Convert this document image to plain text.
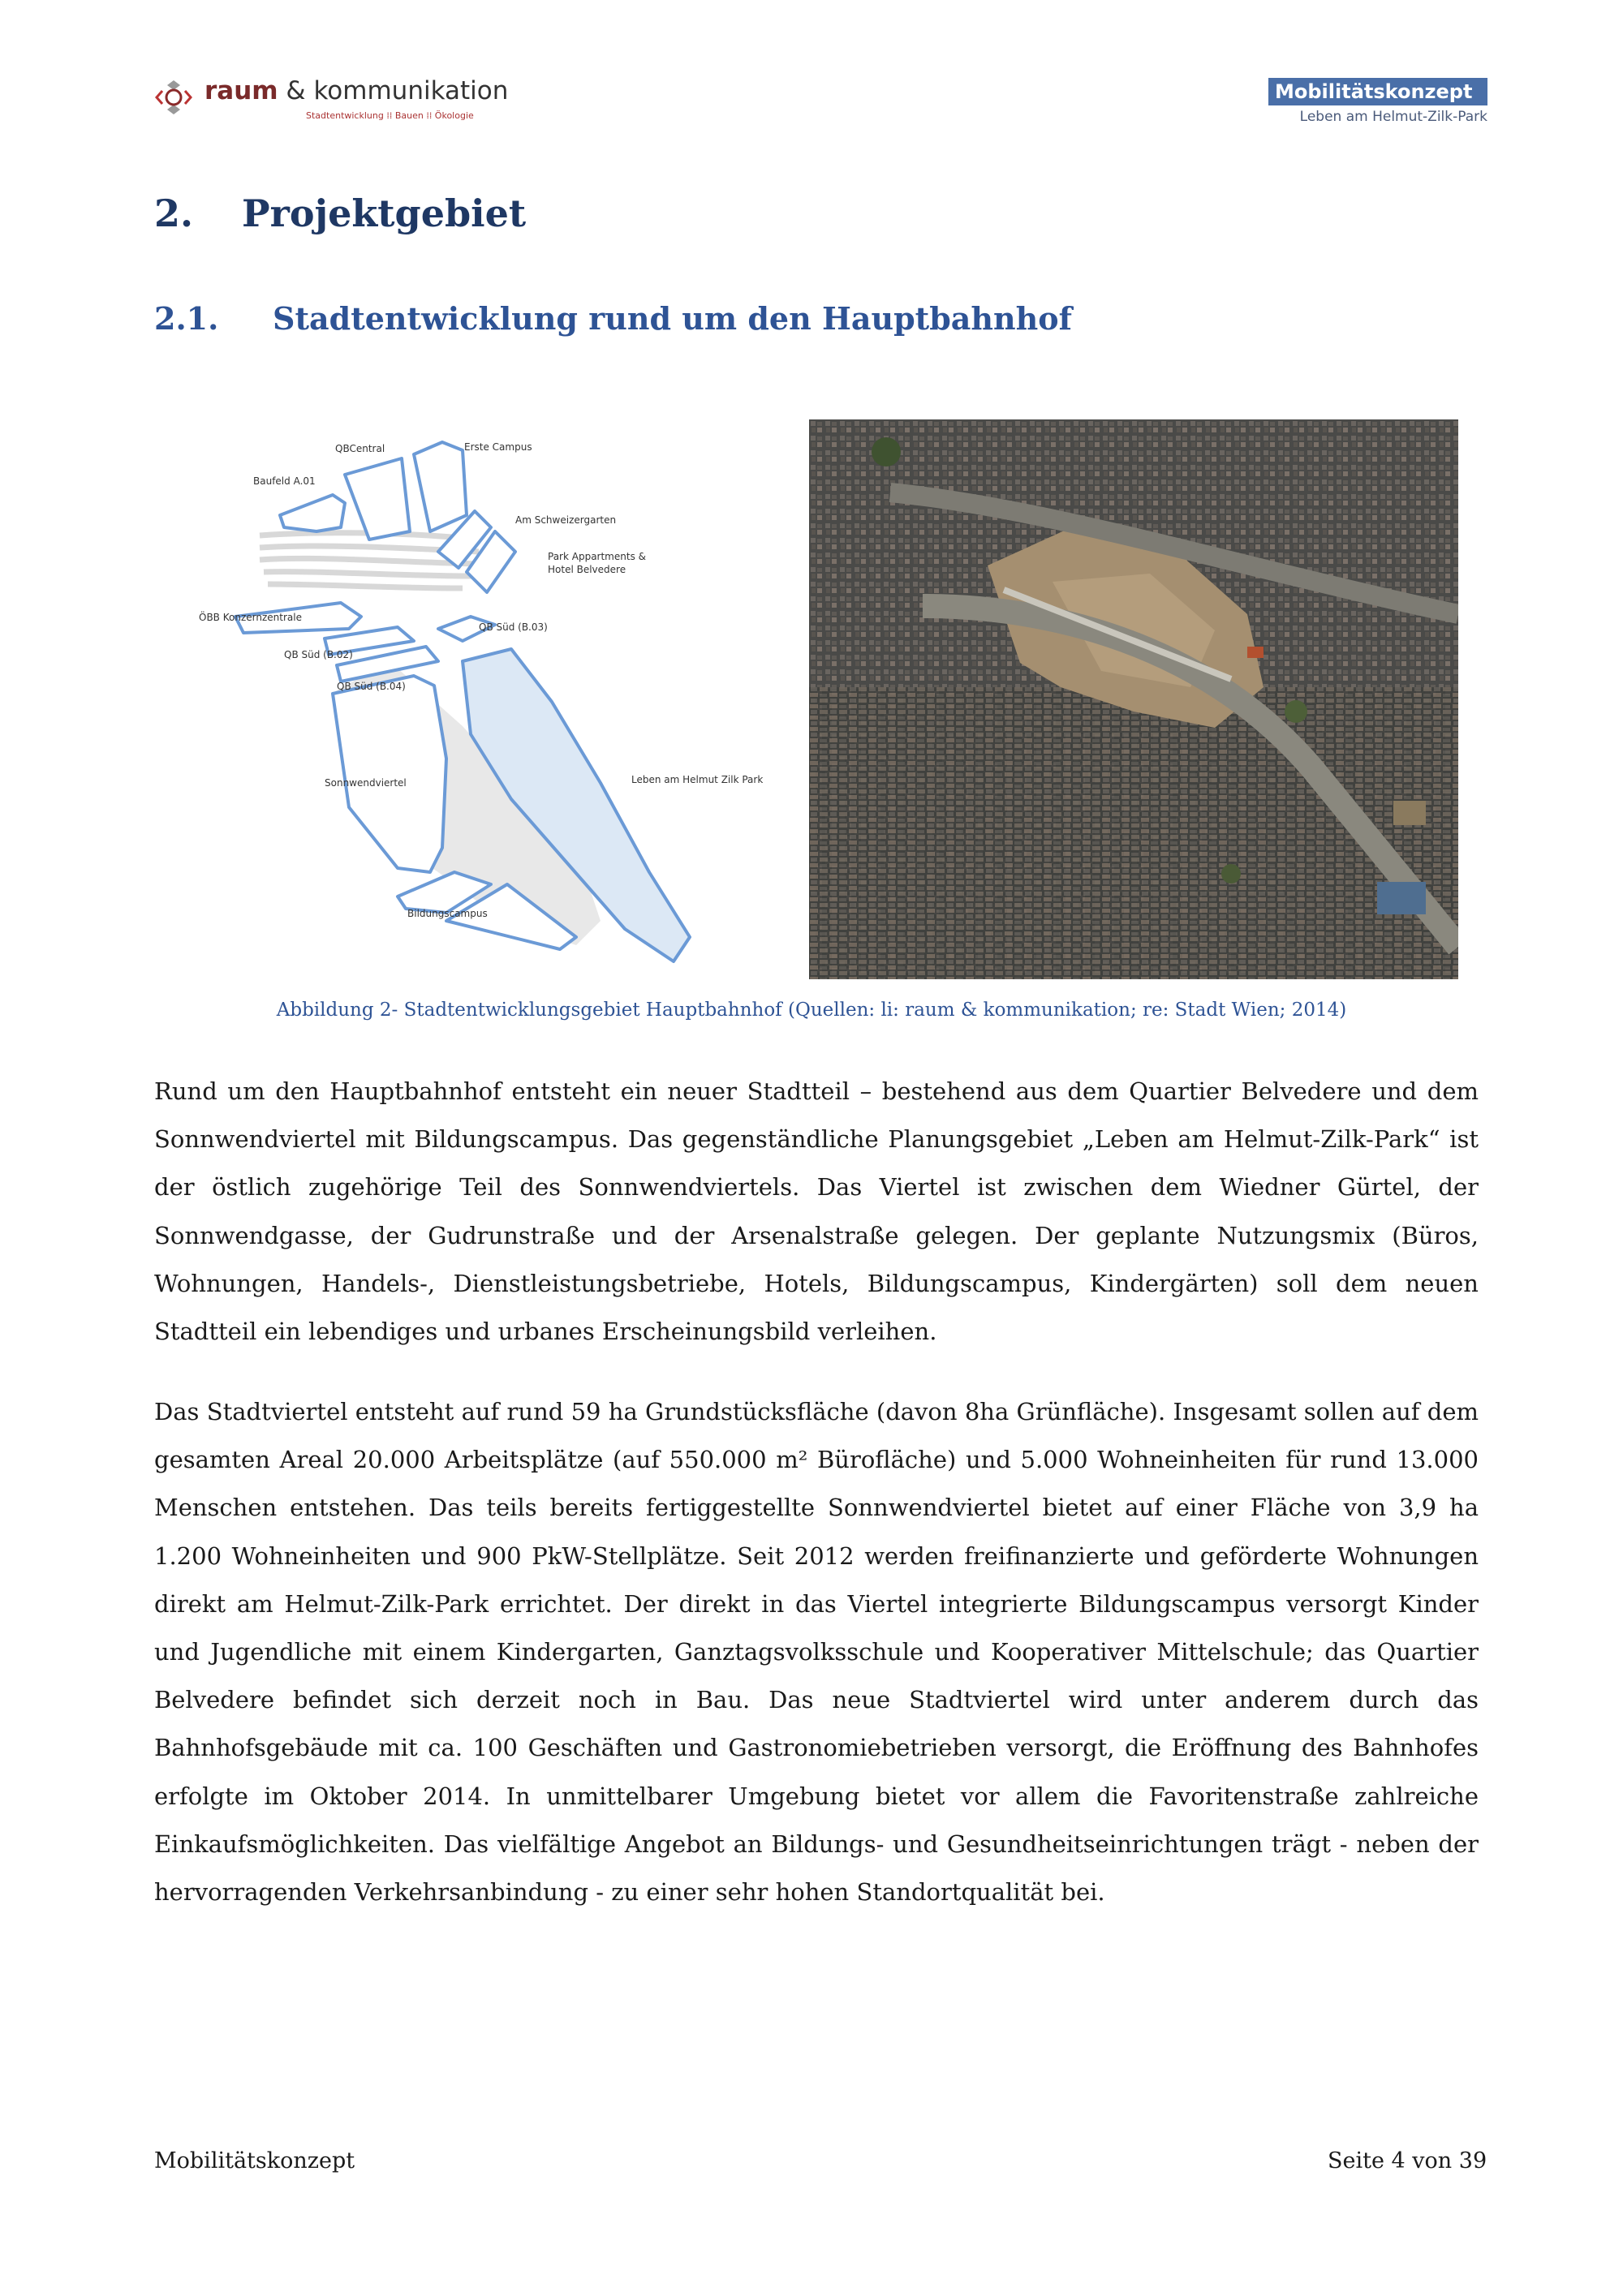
raum & kommunikation
Stadtentwicklung ⁞⁞ Bauen ⁞⁞ Ökologie
Mobilitätskonzept
Leben am Helmut-Zilk-Park
2. Projektgebiet
2.1. Stadtentwicklung rund um den Hauptbahnhof
QBCentral	Erste Campus
Baufeld A.01
Am Schweizergarten
Park Appartments &
Hotel Belvedere
ÖBB Konzernzentrale
QB Süd (B.03)
QB Süd (B.02)
QB Süd (B.04)
Sonnwendviertel	Leben am Helmut Zilk Park
Bildungscampus
Abbildung 2- Stadtentwicklungsgebiet Hauptbahnhof (Quellen: li: raum & kommunikation; re: Stadt Wien; 2014)
Rund um den Hauptbahnhof entsteht ein neuer Stadtteil – bestehend aus dem Quartier Belvedere und dem Sonnwendviertel mit Bildungscampus. Das gegenständliche Planungsgebiet „Leben am Helmut-Zilk-Park“ ist der östlich zugehörige Teil des Sonnwendviertels. Das Viertel ist zwischen dem Wiedner Gürtel, der Sonnwendgasse, der Gudrunstraße und der Arsenalstraße gelegen. Der geplante Nutzungsmix (Büros, Wohnungen, Handels-, Dienstleistungsbetriebe, Hotels, Bildungscampus, Kindergärten) soll dem neuen Stadtteil ein lebendiges und urbanes Erscheinungsbild verleihen.
Das Stadtviertel entsteht auf rund 59 ha Grundstücksfläche (davon 8ha Grünfläche). Insgesamt sollen auf dem gesamten Areal 20.000 Arbeitsplätze (auf 550.000 m² Bürofläche) und 5.000 Wohneinheiten für rund 13.000 Menschen entstehen. Das teils bereits fertiggestellte Sonnwendviertel bietet auf einer Fläche von 3,9 ha 1.200 Wohneinheiten und 900 PkW-Stellplätze. Seit 2012 werden freifinanzierte und geförderte Wohnungen direkt am Helmut-Zilk-Park errichtet. Der direkt in das Viertel integrierte Bildungscampus versorgt Kinder und Jugendliche mit einem Kindergarten, Ganztagsvolksschule und Kooperativer Mittelschule; das Quartier Belvedere befindet sich derzeit noch in Bau. Das neue Stadtviertel wird unter anderem durch das Bahnhofsgebäude mit ca. 100 Geschäften und Gastronomiebetrieben versorgt, die Eröffnung des Bahnhofes erfolgte im Oktober 2014. In unmittelbarer Umgebung bietet vor allem die Favoritenstraße zahlreiche Einkaufsmöglichkeiten. Das vielfältige Angebot an Bildungs- und Gesundheitseinrichtungen trägt - neben der hervorragenden Verkehrsanbindung - zu einer sehr hohen Standortqualität bei.
Mobilitätskonzept	Seite 4 von 39
